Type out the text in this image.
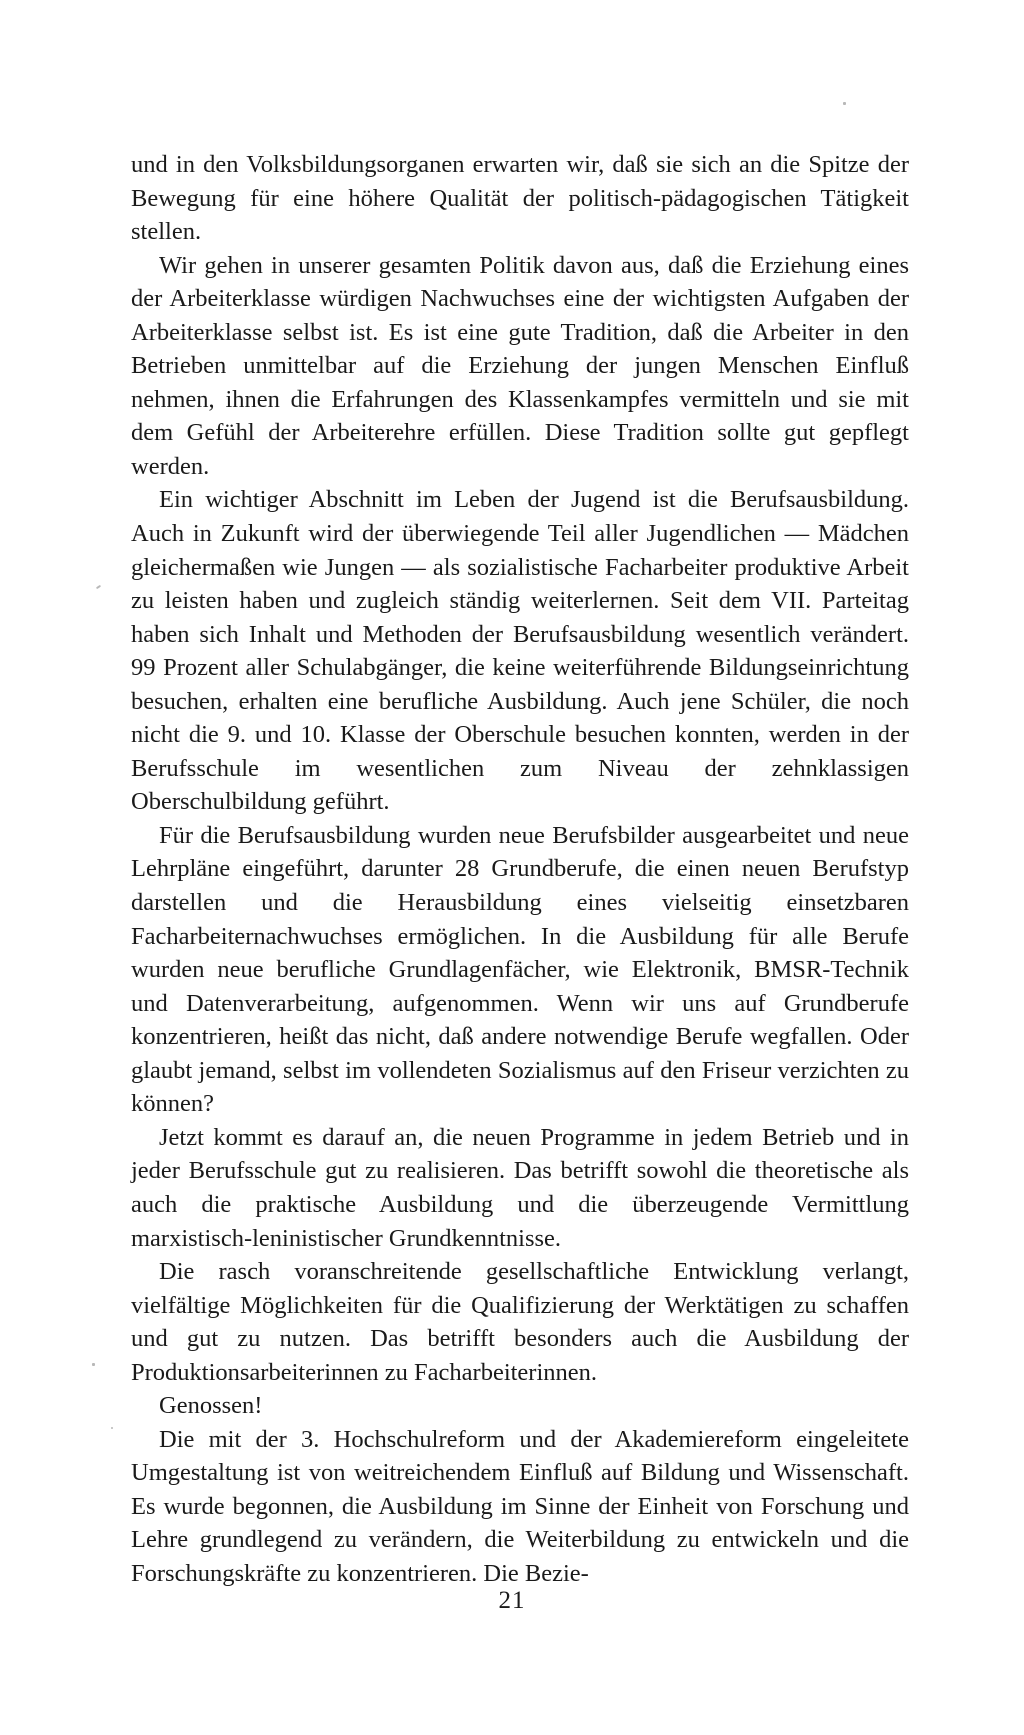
und in den Volksbildungsorganen erwarten wir, daß sie sich an die Spitze der Bewegung für eine höhere Qualität der politisch-pädagogischen Tätigkeit stellen.

Wir gehen in unserer gesamten Politik davon aus, daß die Erziehung eines der Arbeiterklasse würdigen Nachwuchses eine der wichtigsten Aufgaben der Arbeiterklasse selbst ist. Es ist eine gute Tradition, daß die Arbeiter in den Betrieben unmittelbar auf die Erziehung der jungen Menschen Einfluß nehmen, ihnen die Erfahrungen des Klassenkampfes vermitteln und sie mit dem Gefühl der Arbeiterehre erfüllen. Diese Tradition sollte gut gepflegt werden.

Ein wichtiger Abschnitt im Leben der Jugend ist die Berufsausbildung. Auch in Zukunft wird der überwiegende Teil aller Jugendlichen — Mädchen gleichermaßen wie Jungen — als sozialistische Facharbeiter produktive Arbeit zu leisten haben und zugleich ständig weiterlernen. Seit dem VII. Parteitag haben sich Inhalt und Methoden der Berufsausbildung wesentlich verändert. 99 Prozent aller Schulabgänger, die keine weiterführende Bildungseinrichtung besuchen, erhalten eine berufliche Ausbildung. Auch jene Schüler, die noch nicht die 9. und 10. Klasse der Oberschule besuchen konnten, werden in der Berufsschule im wesentlichen zum Niveau der zehnklassigen Oberschulbildung geführt.

Für die Berufsausbildung wurden neue Berufsbilder ausgearbeitet und neue Lehrpläne eingeführt, darunter 28 Grundberufe, die einen neuen Berufstyp darstellen und die Herausbildung eines vielseitig einsetzbaren Facharbeiternachwuchses ermöglichen. In die Ausbildung für alle Berufe wurden neue berufliche Grundlagenfächer, wie Elektronik, BMSR-Technik und Datenverarbeitung, aufgenommen. Wenn wir uns auf Grundberufe konzentrieren, heißt das nicht, daß andere notwendige Berufe wegfallen. Oder glaubt jemand, selbst im vollendeten Sozialismus auf den Friseur verzichten zu können?

Jetzt kommt es darauf an, die neuen Programme in jedem Betrieb und in jeder Berufsschule gut zu realisieren. Das betrifft sowohl die theoretische als auch die praktische Ausbildung und die überzeugende Vermittlung marxistisch-leninistischer Grundkenntnisse.

Die rasch voranschreitende gesellschaftliche Entwicklung verlangt, vielfältige Möglichkeiten für die Qualifizierung der Werktätigen zu schaffen und gut zu nutzen. Das betrifft besonders auch die Ausbildung der Produktionsarbeiterinnen zu Facharbeiterinnen.

Genossen!

Die mit der 3. Hochschulreform und der Akademiereform eingeleitete Umgestaltung ist von weitreichendem Einfluß auf Bildung und Wissenschaft. Es wurde begonnen, die Ausbildung im Sinne der Einheit von Forschung und Lehre grundlegend zu verändern, die Weiterbildung zu entwickeln und die Forschungskräfte zu konzentrieren. Die Bezie-

21
